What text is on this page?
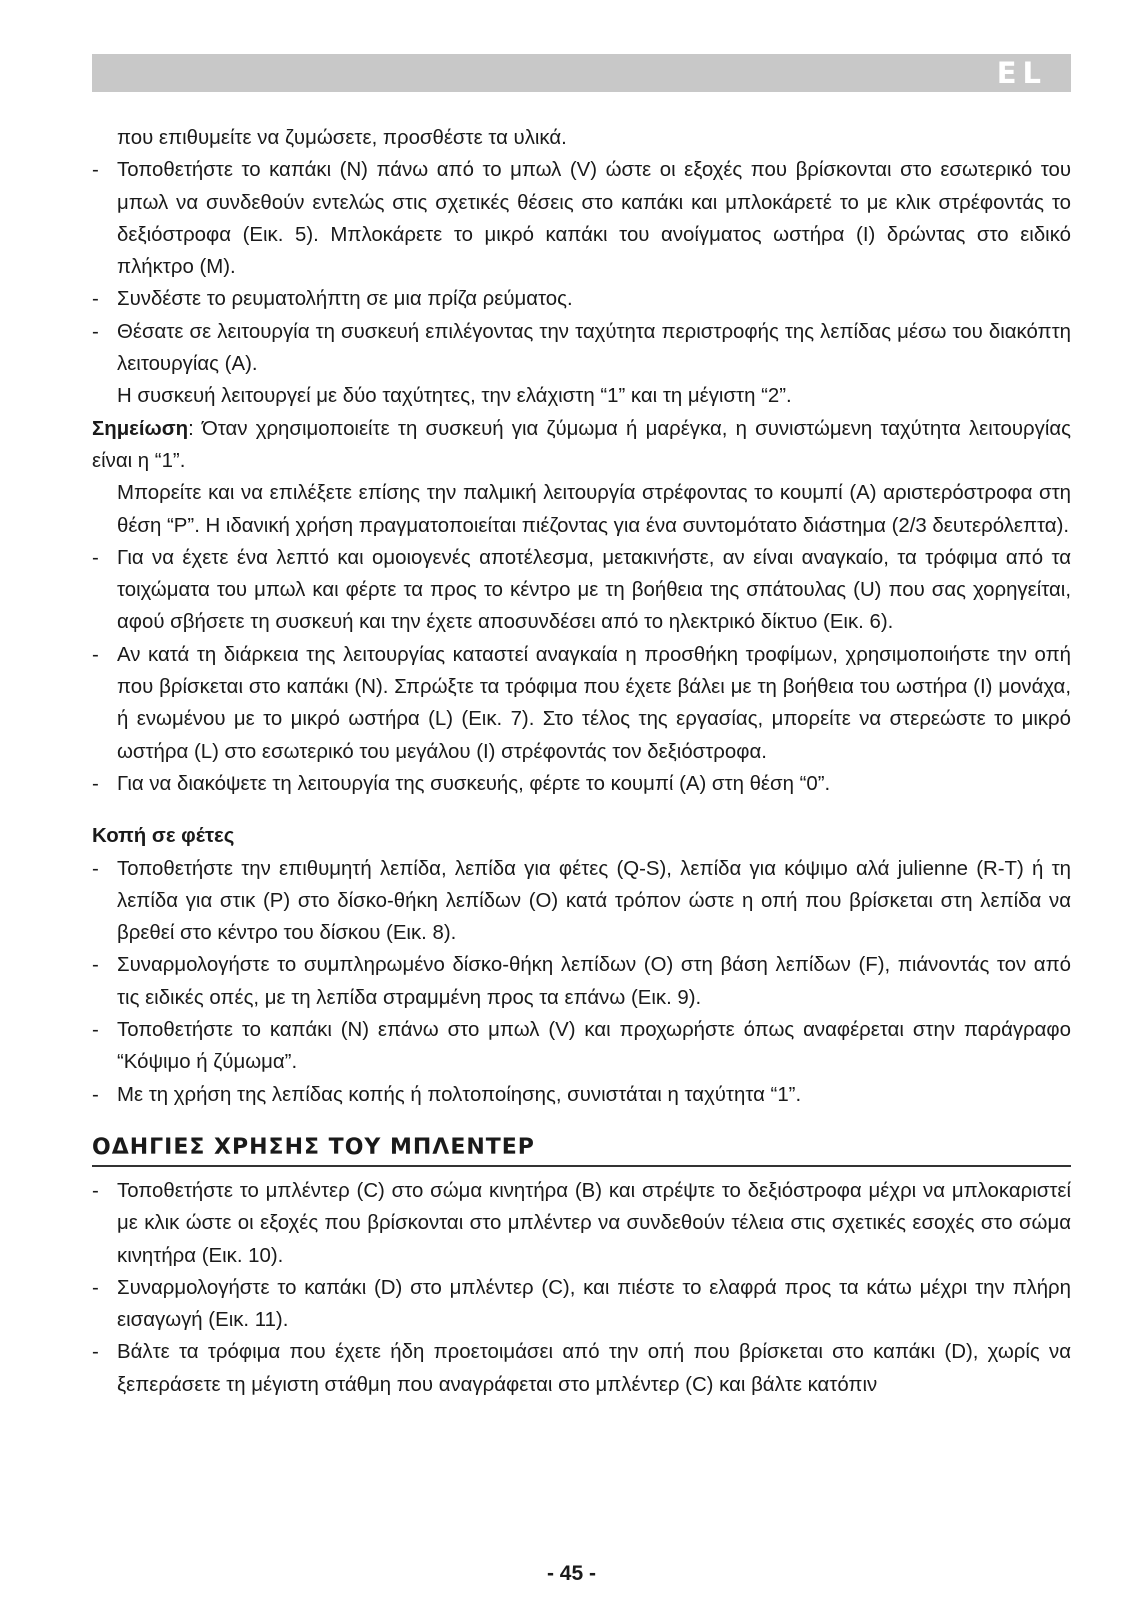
EL

που επιθυμείτε να ζυμώσετε, προσθέστε τα υλικά.

- Τοποθετήστε το καπάκι (Ν) πάνω από το μπωλ (V) ώστε οι εξοχές που βρίσκονται στο εσωτερικό του μπωλ να συνδεθούν εντελώς στις σχετικές θέσεις στο καπάκι και μπλοκάρετέ το με κλικ στρέφοντάς το δεξιόστροφα (Εικ. 5). Μπλοκάρετε το μικρό καπάκι του ανοίγματος ωστήρα (I) δρώντας στο ειδικό πλήκτρο (M).

- Συνδέστε το ρευματολήπτη σε μια πρίζα ρεύματος.

- Θέσατε σε λειτουργία τη συσκευή επιλέγοντας την ταχύτητα περιστροφής της λεπίδας μέσω του διακόπτη λειτουργίας (A).

Η συσκευή λειτουργεί με δύο ταχύτητες, την ελάχιστη “1” και τη μέγιστη “2”.

Σημείωση: Όταν χρησιμοποιείτε τη συσκευή για ζύμωμα ή μαρέγκα, η συνιστώμενη ταχύτητα λειτουργίας είναι η “1”.

Μπορείτε και να επιλέξετε επίσης την παλμική λειτουργία στρέφοντας το κουμπί (A) αριστερόστροφα στη θέση “P”. Η ιδανική χρήση πραγματοποιείται πιέζοντας για ένα συντομότατο διάστημα (2/3 δευτερόλεπτα).

- Για να έχετε ένα λεπτό και ομοιογενές αποτέλεσμα, μετακινήστε, αν είναι αναγκαίο, τα τρόφιμα από τα τοιχώματα του μπωλ και φέρτε τα προς το κέντρο με τη βοήθεια της σπάτουλας (U) που σας χορηγείται, αφού σβήσετε τη συσκευή και την έχετε αποσυνδέσει από το ηλεκτρικό δίκτυο (Εικ. 6).

- Αν κατά τη διάρκεια της λειτουργίας καταστεί αναγκαία η προσθήκη τροφίμων, χρησιμοποιήστε την οπή που βρίσκεται στο καπάκι (N). Σπρώξτε τα τρόφιμα που έχετε βάλει με τη βοήθεια του ωστήρα (I) μονάχα, ή ενωμένου με το μικρό ωστήρα (L) (Εικ. 7). Στο τέλος της εργασίας, μπορείτε να στερεώστε το μικρό ωστήρα (L) στο εσωτερικό του μεγάλου (I) στρέφοντάς τον δεξιόστροφα.

- Για να διακόψετε τη λειτουργία της συσκευής, φέρτε το κουμπί (A) στη θέση “0”.

Κοπή σε φέτες

- Τοποθετήστε την επιθυμητή λεπίδα, λεπίδα για φέτες (Q-S), λεπίδα για κόψιμο αλά julienne (R-T) ή τη λεπίδα για στικ (P) στο δίσκο-θήκη λεπίδων (O) κατά τρόπον ώστε η οπή που βρίσκεται στη λεπίδα να βρεθεί στο κέντρο του δίσκου (Εικ. 8).

- Συναρμολογήστε το συμπληρωμένο δίσκο-θήκη λεπίδων (O) στη βάση λεπίδων (F), πιάνοντάς τον από τις ειδικές οπές, με τη λεπίδα στραμμένη προς τα επάνω (Εικ. 9).

- Τοποθετήστε το καπάκι (N) επάνω στο μπωλ (V) και προχωρήστε όπως αναφέρεται στην παράγραφο “Κόψιμο ή ζύμωμα”.

- Με τη χρήση της λεπίδας κοπής ή πολτοποίησης, συνιστάται η ταχύτητα “1”.

ΟΔΗΓΙΕΣ ΧΡΗΣΗΣ ΤΟΥ ΜΠΛΕΝΤΕΡ

- Τοποθετήστε το μπλέντερ (C) στο σώμα κινητήρα (B) και στρέψτε το δεξιόστροφα μέχρι να μπλοκαριστεί με κλικ ώστε οι εξοχές που βρίσκονται στο μπλέντερ να συνδεθούν τέλεια στις σχετικές εσοχές στο σώμα κινητήρα (Εικ. 10).

- Συναρμολογήστε το καπάκι (D) στο μπλέντερ (C), και πιέστε το ελαφρά προς τα κάτω μέχρι την πλήρη εισαγωγή (Εικ. 11).

- Βάλτε τα τρόφιμα που έχετε ήδη προετοιμάσει από την οπή που βρίσκεται στο καπάκι (D), χωρίς να ξεπεράσετε τη μέγιστη στάθμη που αναγράφεται στο μπλέντερ (C) και βάλτε κατόπιν

- 45 -
